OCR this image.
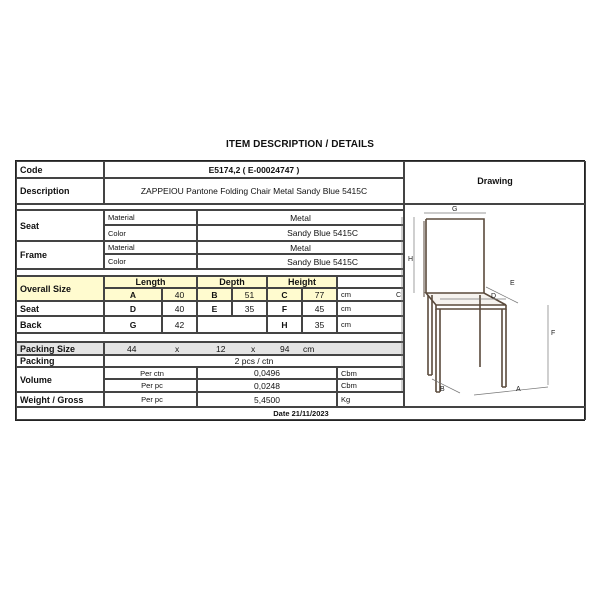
ITEM DESCRIPTION / DETAILS
Code	E5174,2 ( E-00024747 )
Description	ZAPPEIOU Pantone Folding Chair Metal Sandy Blue 5415C
Drawing
Seat
Material	Metal
Color	Sandy Blue 5415C
Frame
Material	Metal
Color	Sandy Blue 5415C
Overall Size
Length	Depth	Height
A	40	B	51	C	77	cm
Seat	D	40	E	35	F	45	cm
Back	G	42	H	35	cm
Packing Size	44	x	12	x	94 cm
Packing	2 pcs / ctn
Volume
Per ctn	0,0496	Cbm
Per pc	0,0248	Cbm
Weight / Gross	Per pc	5,4500	Kg
Date 21/11/2023
G
H
C	D
E
F
B	A
